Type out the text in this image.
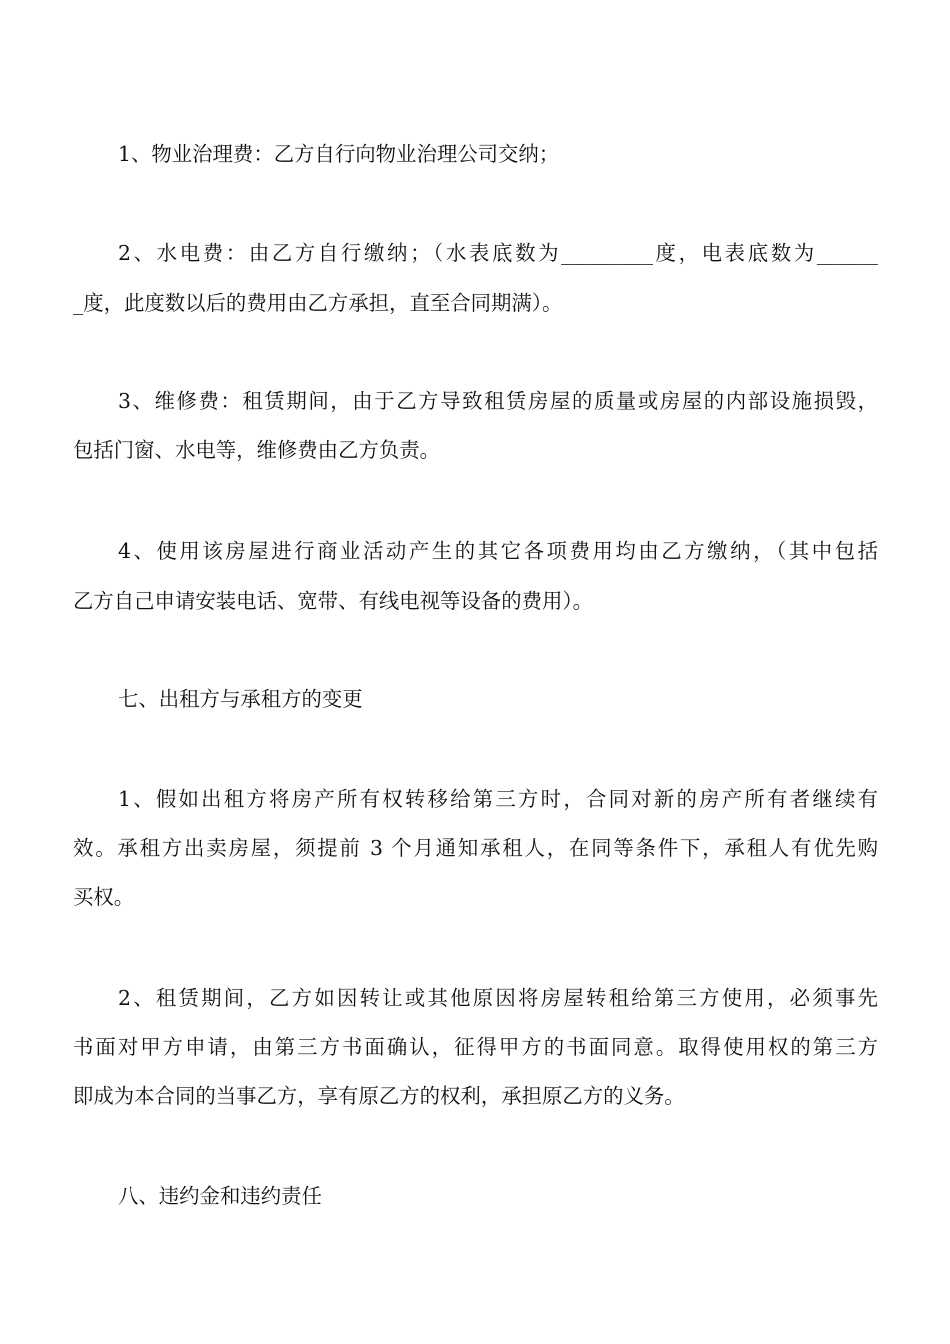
1、物业治理费：乙方自行向物业治理公司交纳；
2、水电费：由乙方自行缴纳；（水表底数为_________度，电表底数为______
_度，此度数以后的费用由乙方承担，直至合同期满）。
3、维修费：租赁期间，由于乙方导致租赁房屋的质量或房屋的内部设施损毁，
包括门窗、水电等，维修费由乙方负责。
4、使用该房屋进行商业活动产生的其它各项费用均由乙方缴纳，（其中包括
乙方自己申请安装电话、宽带、有线电视等设备的费用）。
七、出租方与承租方的变更
1、假如出租方将房产所有权转移给第三方时，合同对新的房产所有者继续有
效。承租方出卖房屋，须提前 3 个月通知承租人，在同等条件下，承租人有优先购
买权。
2、租赁期间，乙方如因转让或其他原因将房屋转租给第三方使用，必须事先
书面对甲方申请，由第三方书面确认，征得甲方的书面同意。取得使用权的第三方
即成为本合同的当事乙方，享有原乙方的权利，承担原乙方的义务。
八、违约金和违约责任
